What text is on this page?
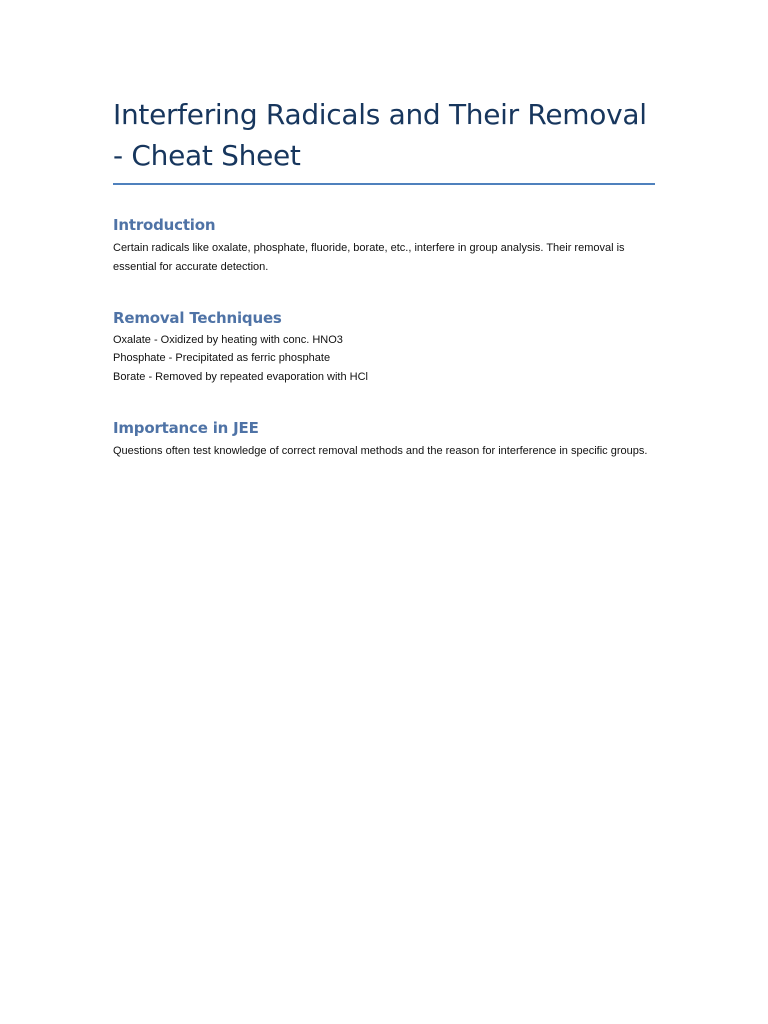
Interfering Radicals and Their Removal - Cheat Sheet
Introduction

Certain radicals like oxalate, phosphate, fluoride, borate, etc., interfere in group analysis. Their removal is essential for accurate detection.

Removal Techniques
Oxalate - Oxidized by heating with conc. HNO3
Phosphate - Precipitated as ferric phosphate
Borate - Removed by repeated evaporation with HCl
Importance in JEE

Questions often test knowledge of correct removal methods and the reason for interference in specific groups.
